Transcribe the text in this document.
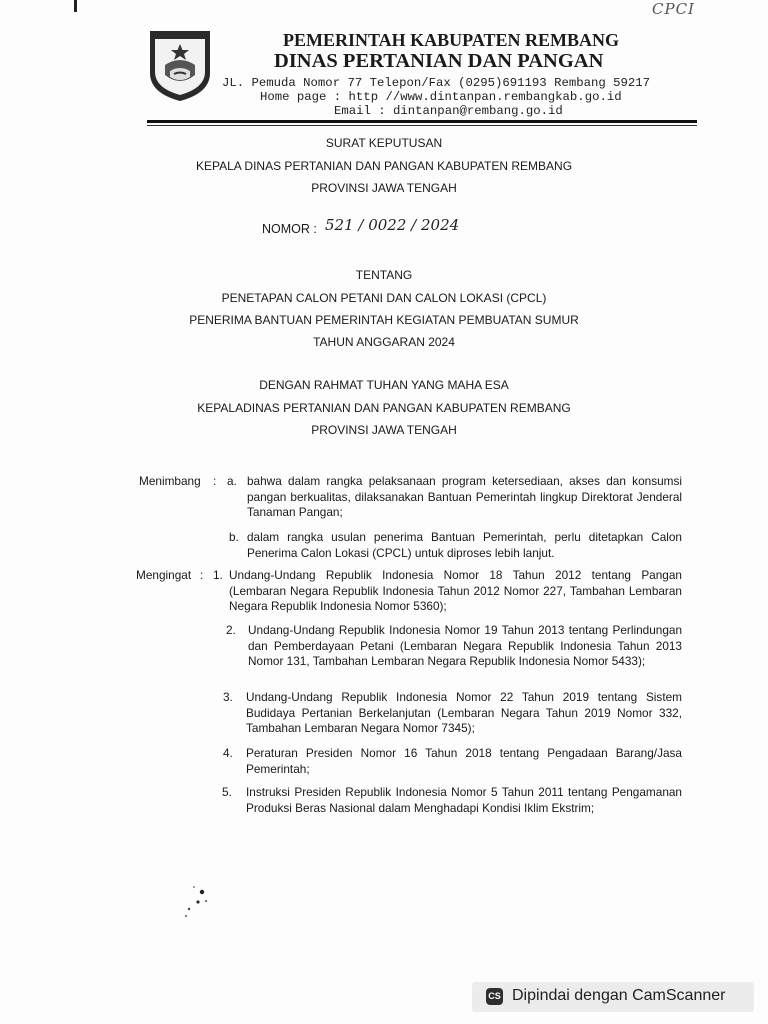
CPCI
PEMERINTAH KABUPATEN REMBANG
DINAS PERTANIAN DAN PANGAN
JL. Pemuda Nomor 77 Telepon/Fax (0295)691193 Rembang 59217
Home page : http //www.dintanpan.rembangkab.go.id
Email : dintanpan@rembang.go.id
SURAT KEPUTUSAN
KEPALA DINAS PERTANIAN DAN PANGAN KABUPATEN REMBANG
PROVINSI JAWA TENGAH
NOMOR : 521 / 0022 / 2024
TENTANG
PENETAPAN CALON PETANI DAN CALON LOKASI (CPCL)
PENERIMA BANTUAN PEMERINTAH KEGIATAN PEMBUATAN SUMUR
TAHUN ANGGARAN 2024
DENGAN RAHMAT TUHAN YANG MAHA ESA
KEPALADINAS PERTANIAN DAN PANGAN KABUPATEN REMBANG
PROVINSI JAWA TENGAH
Menimbang : a. bahwa dalam rangka pelaksanaan program ketersediaan, akses dan konsumsi pangan berkualitas, dilaksanakan Bantuan Pemerintah lingkup Direktorat Jenderal Tanaman Pangan;
b. dalam rangka usulan penerima Bantuan Pemerintah, perlu ditetapkan Calon Penerima Calon Lokasi (CPCL) untuk diproses lebih lanjut.
Mengingat : 1. Undang-Undang Republik Indonesia Nomor 18 Tahun 2012 tentang Pangan (Lembaran Negara Republik Indonesia Tahun 2012 Nomor 227, Tambahan Lembaran Negara Republik Indonesia Nomor 5360);
2. Undang-Undang Republik Indonesia Nomor 19 Tahun 2013 tentang Perlindungan dan Pemberdayaan Petani (Lembaran Negara Republik Indonesia Tahun 2013 Nomor 131, Tambahan Lembaran Negara Republik Indonesia Nomor 5433);
3. Undang-Undang Republik Indonesia Nomor 22 Tahun 2019 tentang Sistem Budidaya Pertanian Berkelanjutan (Lembaran Negara Tahun 2019 Nomor 332, Tambahan Lembaran Negara Nomor 7345);
4. Peraturan Presiden Nomor 16 Tahun 2018 tentang Pengadaan Barang/Jasa Pemerintah;
5. Instruksi Presiden Republik Indonesia Nomor 5 Tahun 2011 tentang Pengamanan Produksi Beras Nasional dalam Menghadapi Kondisi Iklim Ekstrim;
CS Dipindai dengan CamScanner
